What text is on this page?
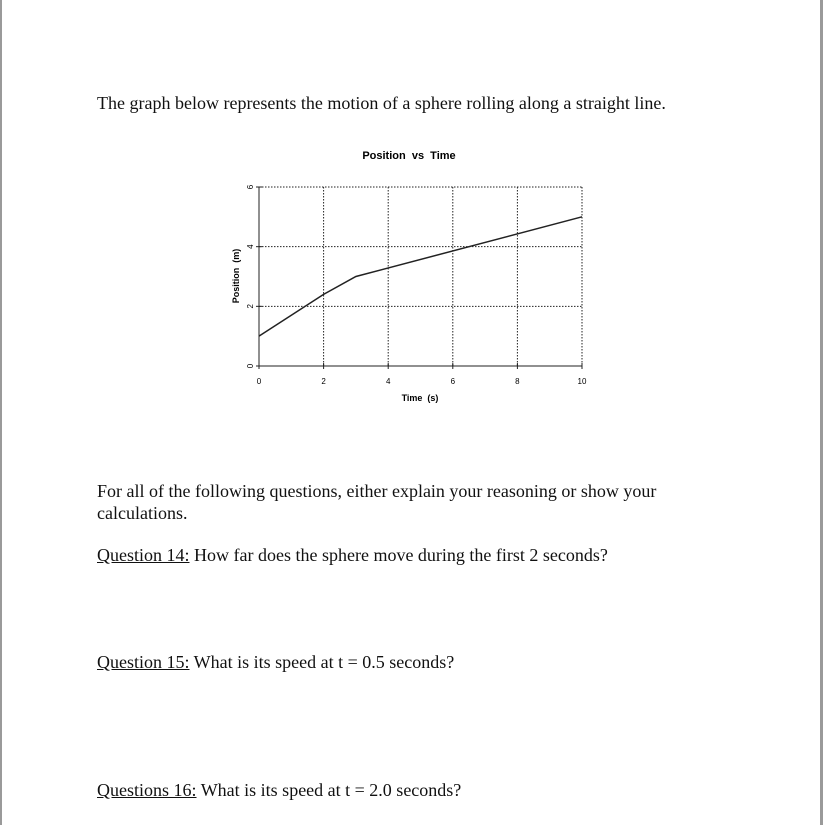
The graph below represents the motion of a sphere rolling along a straight line.

Position  vs  Time
Time  (s)
Position  (m)
0
2
4
6
0	2	4	6	8	10

For all of the following questions, either explain your reasoning or show your calculations.

Question 14: How far does the sphere move during the first 2 seconds?

Question 15: What is its speed at t = 0.5 seconds?

Questions 16: What is its speed at t = 2.0 seconds?
